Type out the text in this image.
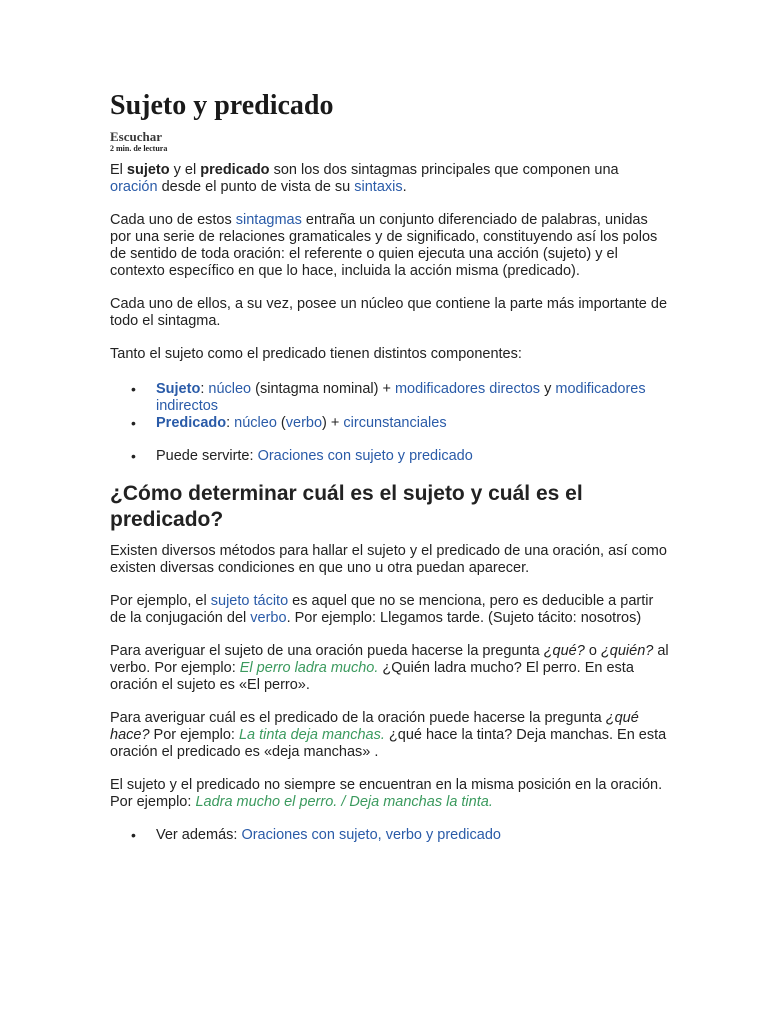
Sujeto y predicado
Escuchar
2 min. de lectura

El sujeto y el predicado son los dos sintagmas principales que componen una oración desde el punto de vista de su sintaxis.

Cada uno de estos sintagmas entraña un conjunto diferenciado de palabras, unidas por una serie de relaciones gramaticales y de significado, constituyendo así los polos de sentido de toda oración: el referente o quien ejecuta una acción (sujeto) y el contexto específico en que lo hace, incluida la acción misma (predicado).

Cada uno de ellos, a su vez, posee un núcleo que contiene la parte más importante de todo el sintagma.

Tanto el sujeto como el predicado tienen distintos componentes:

• Sujeto: núcleo (sintagma nominal) + modificadores directos y modificadores indirectos
• Predicado: núcleo (verbo) + circunstanciales
• Puede servirte: Oraciones con sujeto y predicado
¿Cómo determinar cuál es el sujeto y cuál es el predicado?

Existen diversos métodos para hallar el sujeto y el predicado de una oración, así como existen diversas condiciones en que uno u otra puedan aparecer.

Por ejemplo, el sujeto tácito es aquel que no se menciona, pero es deducible a partir de la conjugación del verbo. Por ejemplo: Llegamos tarde. (Sujeto tácito: nosotros)

Para averiguar el sujeto de una oración pueda hacerse la pregunta ¿qué? o ¿quién? al verbo. Por ejemplo: El perro ladra mucho. ¿Quién ladra mucho? El perro. En esta oración el sujeto es «El perro».

Para averiguar cuál es el predicado de la oración puede hacerse la pregunta ¿qué hace? Por ejemplo: La tinta deja manchas. ¿qué hace la tinta? Deja manchas. En esta oración el predicado es «deja manchas» .

El sujeto y el predicado no siempre se encuentran en la misma posición en la oración. Por ejemplo: Ladra mucho el perro. / Deja manchas la tinta.

• Ver además: Oraciones con sujeto, verbo y predicado
